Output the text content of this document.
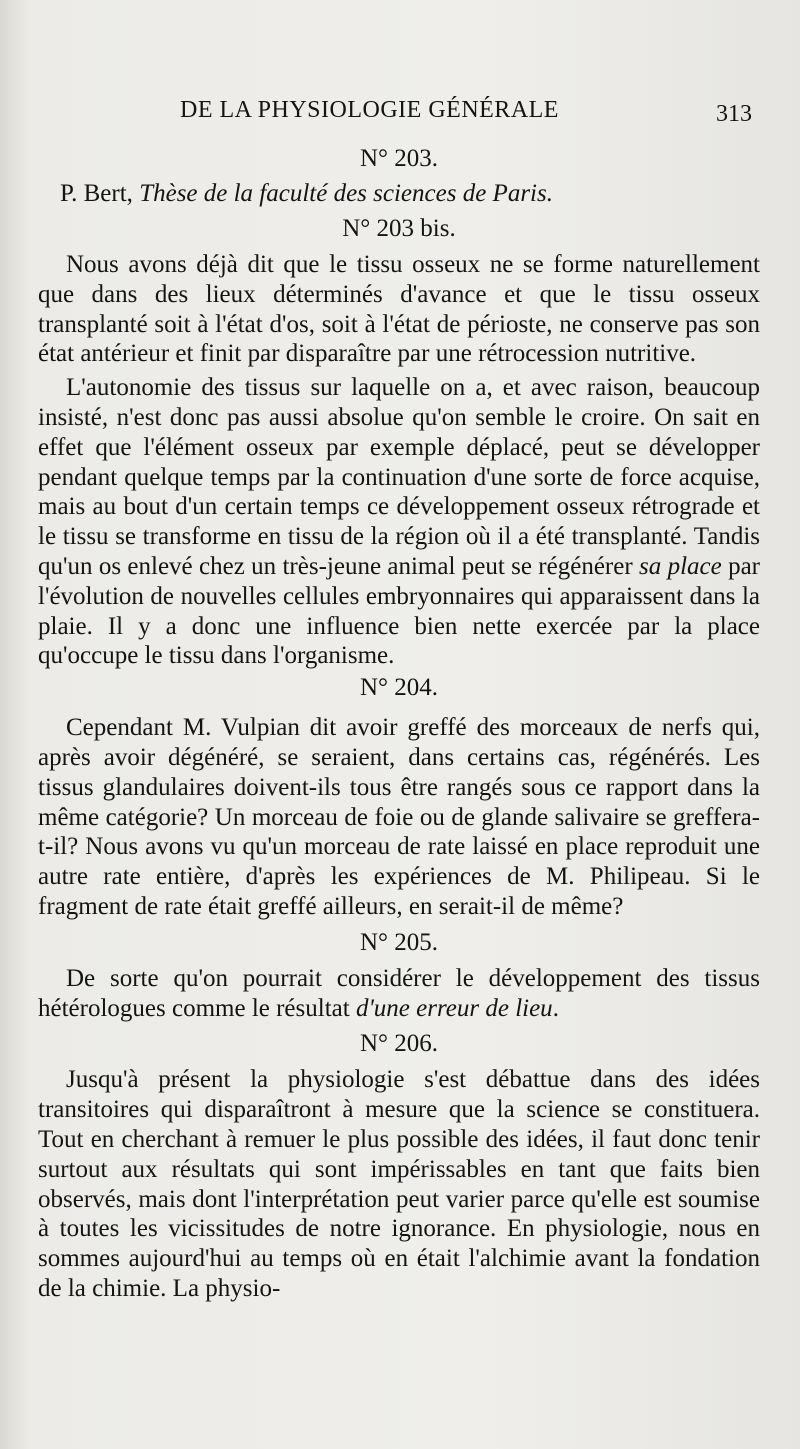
DE LA PHYSIOLOGIE GÉNÉRALE	313

N° 203.

P. Bert, Thèse de la faculté des sciences de Paris.

N° 203 bis.

Nous avons déjà dit que le tissu osseux ne se forme naturellement que dans des lieux déterminés d'avance et que le tissu osseux transplanté soit à l'état d'os, soit à l'état de périoste, ne conserve pas son état antérieur et finit par disparaître par une rétrocession nutritive.

L'autonomie des tissus sur laquelle on a, et avec raison, beaucoup insisté, n'est donc pas aussi absolue qu'on semble le croire. On sait en effet que l'élément osseux par exemple déplacé, peut se développer pendant quelque temps par la continuation d'une sorte de force acquise, mais au bout d'un certain temps ce développement osseux rétrograde et le tissu se transforme en tissu de la région où il a été transplanté. Tandis qu'un os enlevé chez un très-jeune animal peut se régénérer sa place par l'évolution de nouvelles cellules embryonnaires qui apparaissent dans la plaie. Il y a donc une influence bien nette exercée par la place qu'occupe le tissu dans l'organisme.

N° 204.

Cependant M. Vulpian dit avoir greffé des morceaux de nerfs qui, après avoir dégénéré, se seraient, dans certains cas, régénérés. Les tissus glandulaires doivent-ils tous être rangés sous ce rapport dans la même catégorie? Un morceau de foie ou de glande salivaire se greffera-t-il? Nous avons vu qu'un morceau de rate laissé en place reproduit une autre rate entière, d'après les expériences de M. Philipeau. Si le fragment de rate était greffé ailleurs, en serait-il de même?

N° 205.

De sorte qu'on pourrait considérer le développement des tissus hétérologues comme le résultat d'une erreur de lieu.

N° 206.

Jusqu'à présent la physiologie s'est débattue dans des idées transitoires qui disparaîtront à mesure que la science se constituera. Tout en cherchant à remuer le plus possible des idées, il faut donc tenir surtout aux résultats qui sont impérissables en tant que faits bien observés, mais dont l'interprétation peut varier parce qu'elle est soumise à toutes les vicissitudes de notre ignorance. En physiologie, nous en sommes aujourd'hui au temps où en était l'alchimie avant la fondation de la chimie. La physio-
